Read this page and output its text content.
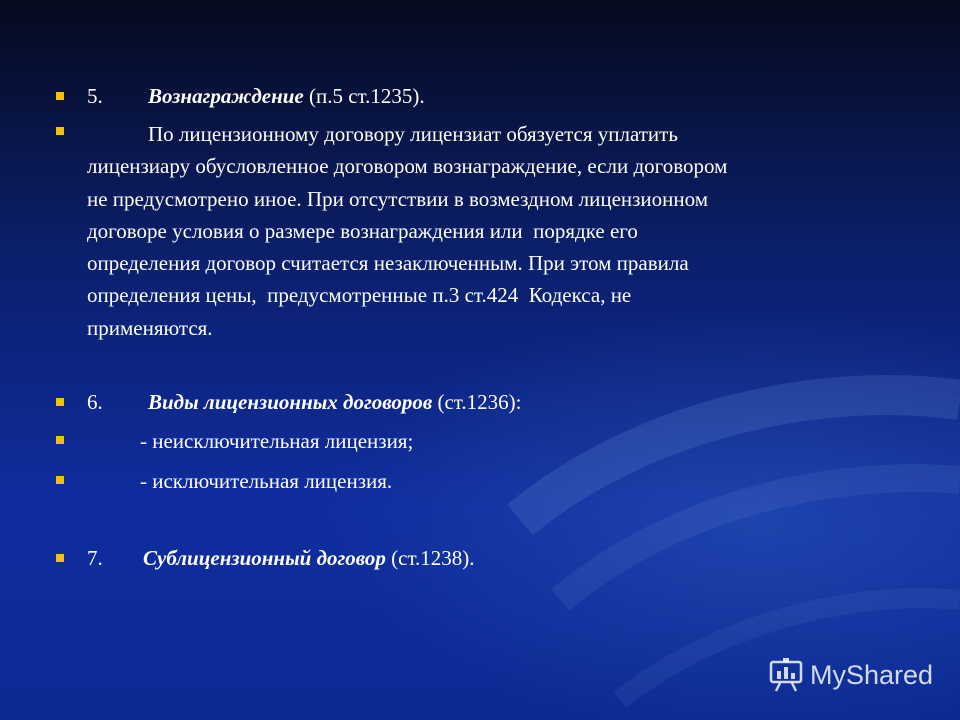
5. Вознаграждение (п.5 ст.1235).
По лицензионному договору лицензиат обязуется уплатить
лицензиару обусловленное договором вознаграждение, если договором
не предусмотрено иное. При отсутствии в возмездном лицензионном
договоре условия о размере вознаграждения или  порядке его
определения договор считается незаключенным. При этом правила
определения цены,  предусмотренные п.3 ст.424  Кодекса, не
применяются.
6. Виды лицензионных договоров (ст.1236):
- неисключительная лицензия;
- исключительная лицензия.
7. Сублицензионный договор (ст.1238).
MyShared
